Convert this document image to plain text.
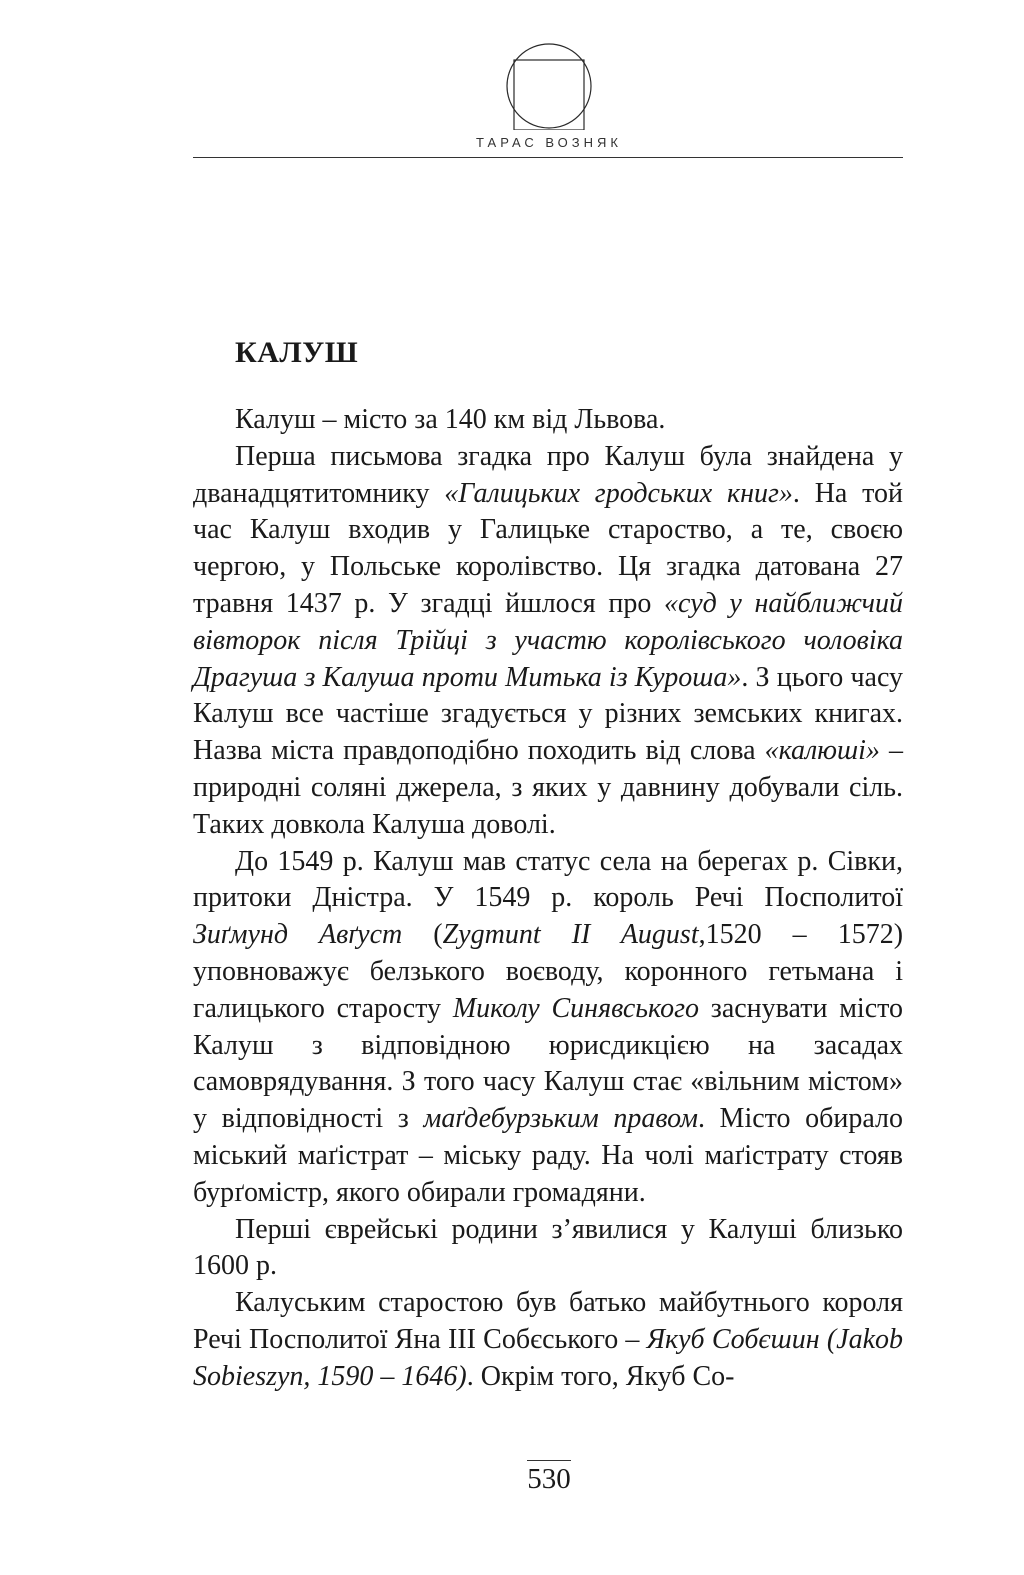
ТАРАС ВОЗНЯК
КАЛУШ

Калуш – місто за 140 км від Львова.

Перша письмова згадка про Калуш була знайдена у дванадцятитомнику «Галицьких гродських книг». На той час Калуш входив у Галицьке староство, а те, своєю чергою, у Польське королівство. Ця згадка датована 27 травня 1437 р. У згадці йшлося про «суд у найближчий вівторок після Трійці з участю королівського чоловіка Драгуша з Калуша проти Митька із Куроша». З цього часу Калуш все частіше згадується у різних земських книгах. Назва міста правдоподібно походить від слова «калюші» – природні соляні джерела, з яких у давнину добували сіль. Таких довкола Калуша доволі.

До 1549 р. Калуш мав статус села на берегах р. Сівки, притоки Дністра. У 1549 р. король Речі Посполитої Зиґмунд Авґуст (Zygmunt II August,1520 – 1572) уповноважує белзького воєводу, коронного гетьмана і галицького старосту Миколу Синявського заснувати місто Калуш з відповідною юрисдикцією на засадах самоврядування. З того часу Калуш стає «вільним містом» у відповідності з маґдебурзьким правом. Місто обирало міський маґістрат – міську раду. На чолі маґістрату стояв бурґомістр, якого обирали громадяни.

Перші єврейські родини з’явилися у Калуші близько 1600 р.

Калуським старостою був батько майбутнього короля Речі Посполитої Яна III Собєського – Якуб Собєшин (Jakob Sobieszyn, 1590 – 1646). Окрім того, Якуб Со-

530
